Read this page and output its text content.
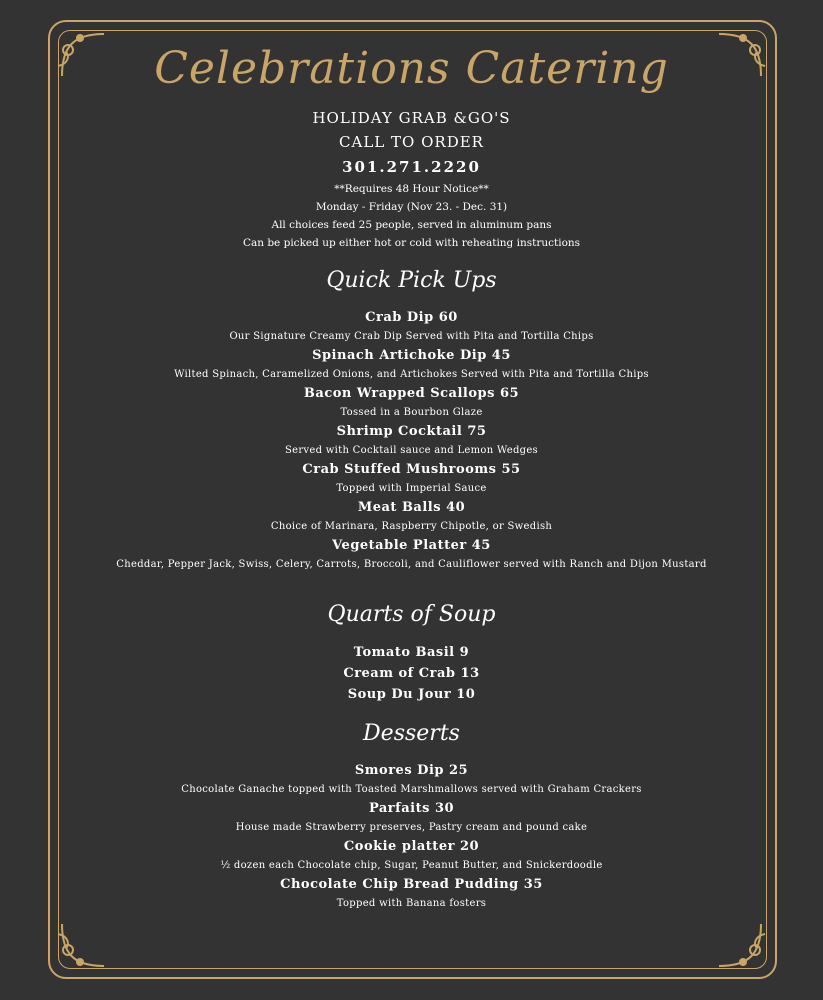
Celebrations Catering
HOLIDAY GRAB &GO'S
CALL TO ORDER
301.271.2220
**Requires 48 Hour Notice**
Monday - Friday (Nov 23. - Dec. 31)
All choices feed 25 people, served in aluminum pans
Can be picked up either hot or cold with reheating instructions
Quick Pick Ups
Crab Dip 60
Our Signature Creamy Crab Dip Served with Pita and Tortilla Chips
Spinach Artichoke Dip 45
Wilted Spinach, Caramelized Onions, and Artichokes Served with Pita and Tortilla Chips
Bacon Wrapped Scallops 65
Tossed in a Bourbon Glaze
Shrimp Cocktail 75
Served with Cocktail sauce and Lemon Wedges
Crab Stuffed Mushrooms 55
Topped with Imperial Sauce
Meat Balls 40
Choice of Marinara, Raspberry Chipotle, or Swedish
Vegetable Platter 45
Cheddar, Pepper Jack, Swiss, Celery, Carrots, Broccoli, and Cauliflower served with Ranch and Dijon Mustard
Quarts of Soup
Tomato Basil 9
Cream of Crab 13
Soup Du Jour 10
Desserts
Smores Dip 25
Chocolate Ganache topped with Toasted Marshmallows served with Graham Crackers
Parfaits 30
House made Strawberry preserves, Pastry cream and pound cake
Cookie platter 20
½ dozen each Chocolate chip, Sugar, Peanut Butter, and Snickerdoodle
Chocolate Chip Bread Pudding 35
Topped with Banana fosters
